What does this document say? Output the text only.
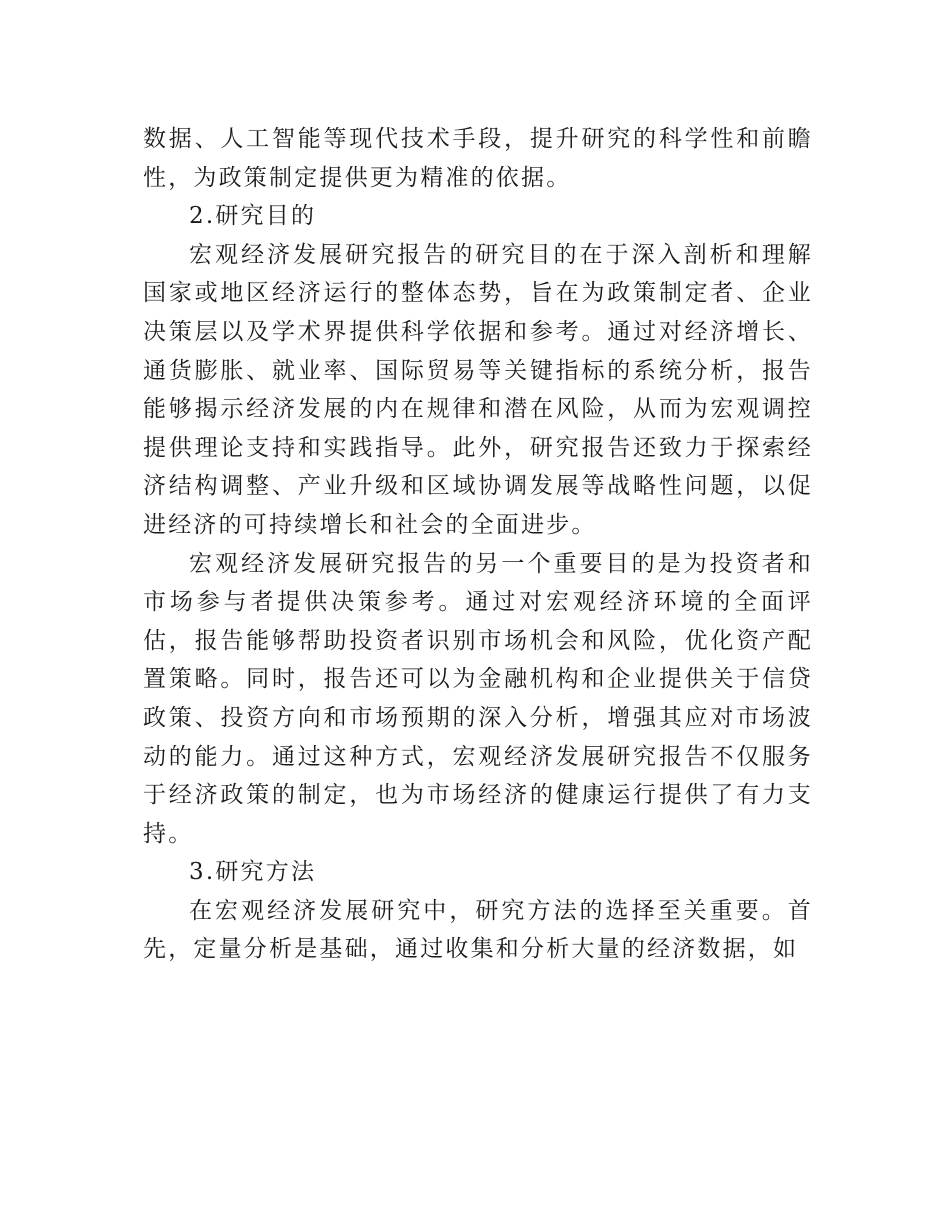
数据、人工智能等现代技术手段，提升研究的科学性和前瞻性，为政策制定提供更为精准的依据。

2.研究目的

宏观经济发展研究报告的研究目的在于深入剖析和理解国家或地区经济运行的整体态势，旨在为政策制定者、企业决策层以及学术界提供科学依据和参考。通过对经济增长、通货膨胀、就业率、国际贸易等关键指标的系统分析，报告能够揭示经济发展的内在规律和潜在风险，从而为宏观调控提供理论支持和实践指导。此外，研究报告还致力于探索经济结构调整、产业升级和区域协调发展等战略性问题，以促进经济的可持续增长和社会的全面进步。

宏观经济发展研究报告的另一个重要目的是为投资者和市场参与者提供决策参考。通过对宏观经济环境的全面评估，报告能够帮助投资者识别市场机会和风险，优化资产配置策略。同时，报告还可以为金融机构和企业提供关于信贷政策、投资方向和市场预期的深入分析，增强其应对市场波动的能力。通过这种方式，宏观经济发展研究报告不仅服务于经济政策的制定，也为市场经济的健康运行提供了有力支持。

3.研究方法

在宏观经济发展研究中，研究方法的选择至关重要。首先，定量分析是基础，通过收集和分析大量的经济数据，如
